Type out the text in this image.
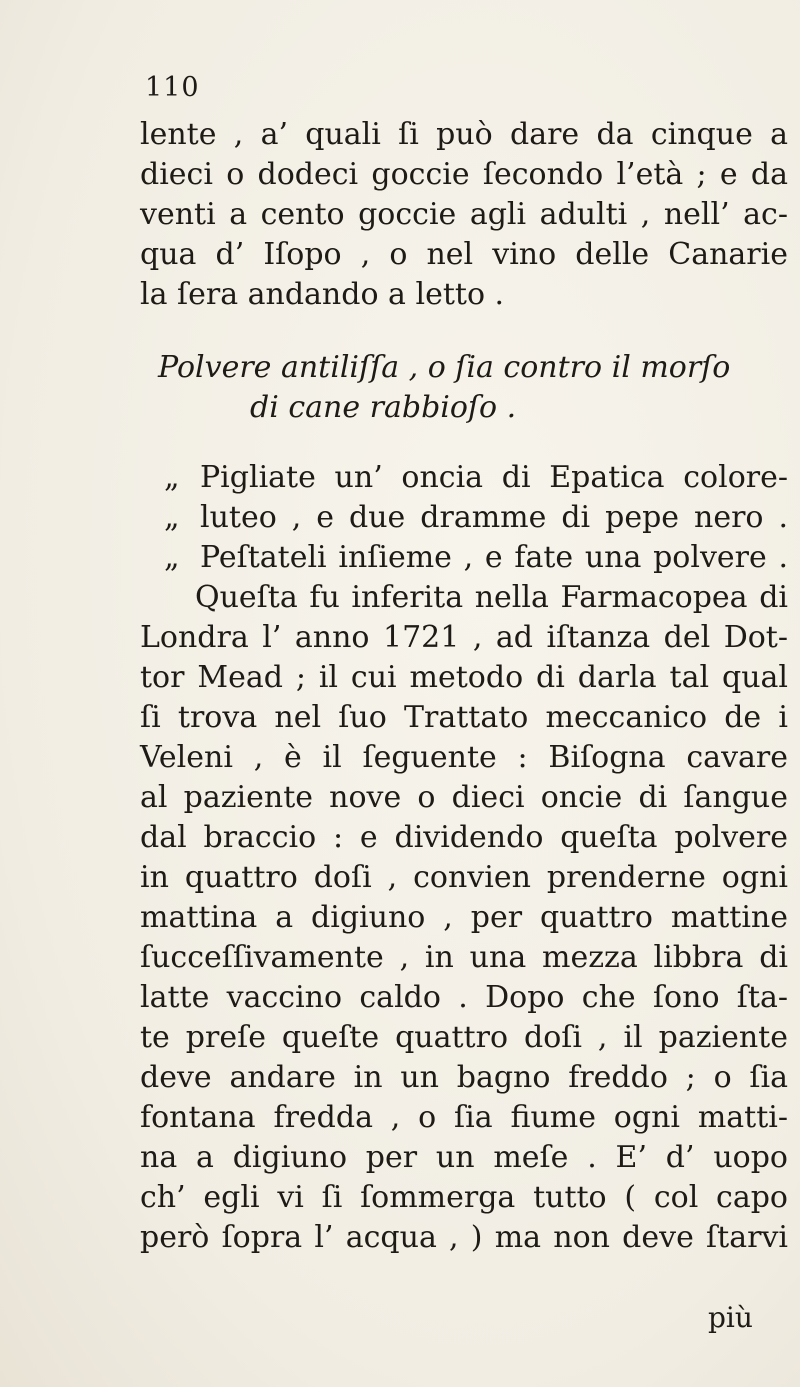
110
lente , a’ quali ſi può dare da cinque a
dieci o dodeci goccie ſecondo l’età ; e da
venti a cento goccie agli adulti , nell’ ac-
qua d’ Iſopo , o nel vino delle Canarie
la ſera andando a letto .
Polvere antiliſſa , o ſia contro il morſo
di cane rabbioſo .
„ Pigliate un’ oncia di Epatica colore-
„ luteo , e due dramme di pepe nero .
„ Peſtateli inſieme , e fate una polvere .
Queſta fu inferita nella Farmacopea di
Londra l’ anno 1721 , ad iſtanza del Dot-
tor Mead ; il cui metodo di darla tal qual
ſi trova nel ſuo Trattato meccanico de i
Veleni , è il ſeguente : Biſogna cavare
al paziente nove o dieci oncie di ſangue
dal braccio : e dividendo queſta polvere
in quattro doſi , convien prenderne ogni
mattina a digiuno , per quattro mattine
ſucceſſivamente , in una mezza libbra di
latte vaccino caldo . Dopo che ſono ſta-
te preſe queſte quattro doſi , il paziente
deve andare in un bagno freddo ; o ſia
fontana fredda , o ſia fiume ogni matti-
na a digiuno per un meſe . E’ d’ uopo
ch’ egli vi ſi ſommerga tutto ( col capo
però ſopra l’ acqua , ) ma non deve ſtarvi
più
